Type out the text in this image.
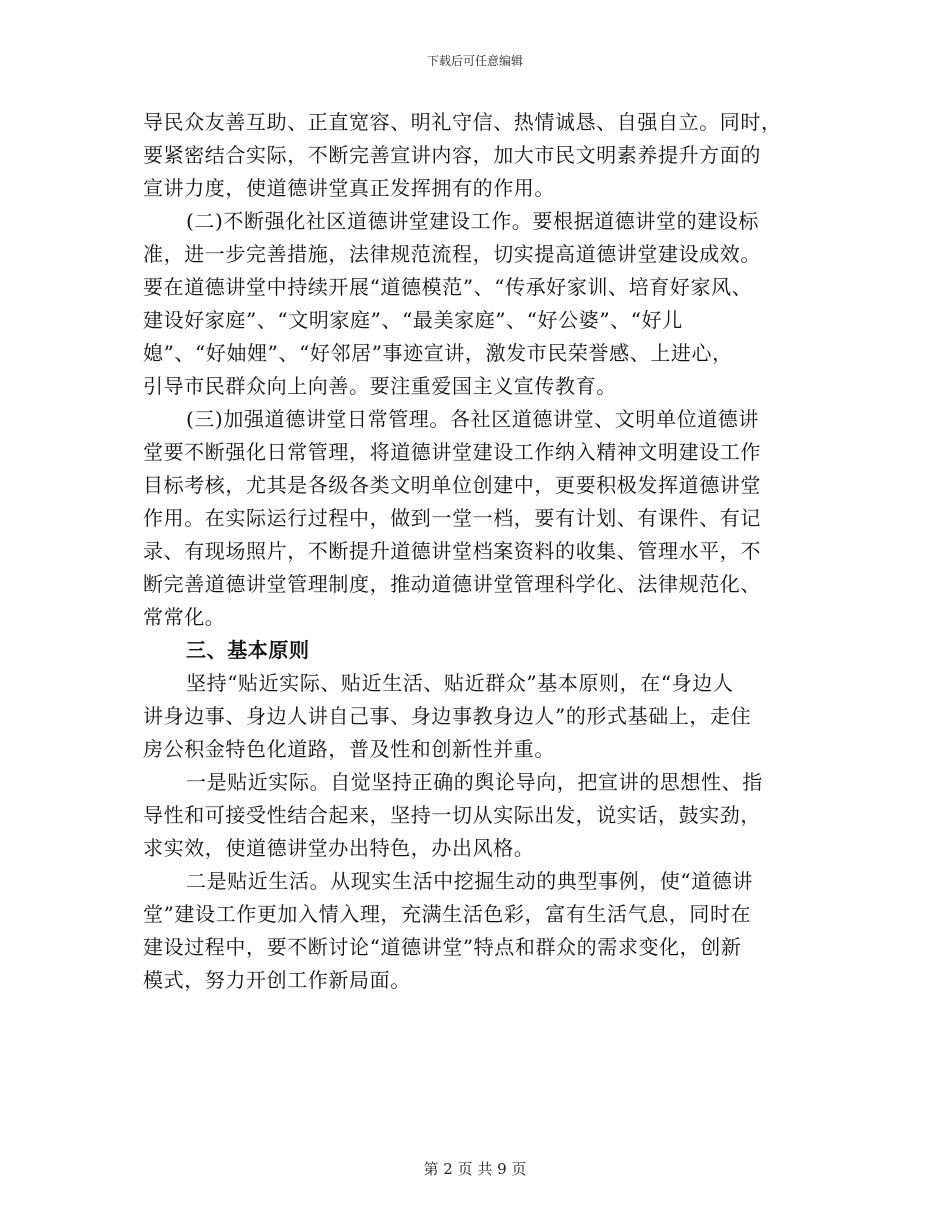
下载后可任意编辑
导民众友善互助、正直宽容、明礼守信、热情诚恳、自强自立。同时，
要紧密结合实际，不断完善宣讲内容，加大市民文明素养提升方面的
宣讲力度，使道德讲堂真正发挥拥有的作用。
(二)不断强化社区道德讲堂建设工作。要根据道德讲堂的建设标
准，进一步完善措施，法律规范流程，切实提高道德讲堂建设成效。
要在道德讲堂中持续开展“道德模范”、“传承好家训、培育好家风、
建设好家庭”、“文明家庭”、“最美家庭”、“好公婆”、“好儿
媳”、“好妯娌”、“好邻居”事迹宣讲，激发市民荣誉感、上进心，
引导市民群众向上向善。要注重爱国主义宣传教育。
(三)加强道德讲堂日常管理。各社区道德讲堂、文明单位道德讲
堂要不断强化日常管理，将道德讲堂建设工作纳入精神文明建设工作
目标考核，尤其是各级各类文明单位创建中，更要积极发挥道德讲堂
作用。在实际运行过程中，做到一堂一档，要有计划、有课件、有记
录、有现场照片，不断提升道德讲堂档案资料的收集、管理水平，不
断完善道德讲堂管理制度，推动道德讲堂管理科学化、法律规范化、
常常化。
三、基本原则
坚持“贴近实际、贴近生活、贴近群众”基本原则，在“身边人
讲身边事、身边人讲自己事、身边事教身边人”的形式基础上，走住
房公积金特色化道路，普及性和创新性并重。
一是贴近实际。自觉坚持正确的舆论导向，把宣讲的思想性、指
导性和可接受性结合起来，坚持一切从实际出发，说实话，鼓实劲，
求实效，使道德讲堂办出特色，办出风格。
二是贴近生活。从现实生活中挖掘生动的典型事例，使“道德讲
堂”建设工作更加入情入理，充满生活色彩，富有生活气息，同时在
建设过程中，要不断讨论“道德讲堂”特点和群众的需求变化，创新
模式，努力开创工作新局面。
第 2 页 共 9 页
